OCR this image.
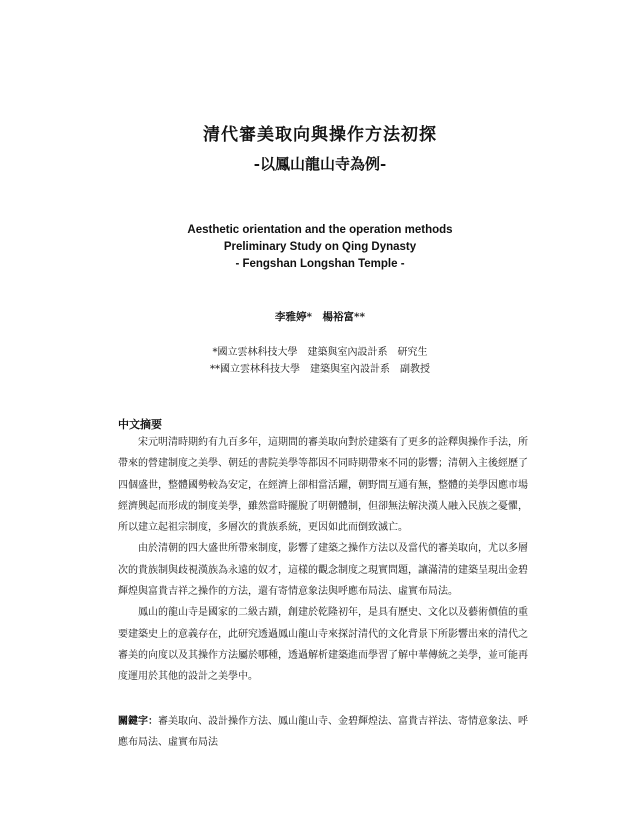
清代審美取向與操作方法初探
-以鳳山龍山寺為例-
Aesthetic orientation and the operation methods
Preliminary Study on Qing Dynasty
- Fengshan Longshan Temple -
李雅婷*　楊裕富**
*國立雲林科技大學　建築與室內設計系　研究生
**國立雲林科技大學　建築與室內設計系　副教授
中文摘要

宋元明清時期約有九百多年，這期間的審美取向對於建築有了更多的詮釋與操作手法，所帶來的營建制度之美學、朝廷的書院美學等都因不同時期帶來不同的影響；清朝入主後經歷了四個盛世，整體國勢較為安定，在經濟上卻相當活躍，朝野間互通有無，整體的美學因應市場經濟興起而形成的制度美學，雖然當時擺脫了明朝體制，但卻無法解決漢人融入民族之憂懼，所以建立起祖宗制度，多層次的貴族系統，更因如此而倒致滅亡。

由於清朝的四大盛世所帶來制度，影響了建築之操作方法以及當代的審美取向，尤以多層次的貴族制與歧視漢族為永遠的奴才，這樣的觀念制度之現實問題，讓滿清的建築呈現出金碧輝煌與富貴吉祥之操作的方法，還有寄情意象法與呼應布局法、虛實布局法。

鳳山的龍山寺是國家的二級古蹟，創建於乾隆初年，是具有歷史、文化以及藝術價值的重要建築史上的意義存在，此研究透過鳳山龍山寺來探討清代的文化背景下所影響出來的清代之審美的向度以及其操作方法屬於哪種，透過解析建築進而學習了解中華傳統之美學，並可能再度運用於其他的設計之美學中。

關鍵字：審美取向、設計操作方法、鳳山龍山寺、金碧輝煌法、富貴吉祥法、寄情意象法、呼應布局法、虛實布局法
